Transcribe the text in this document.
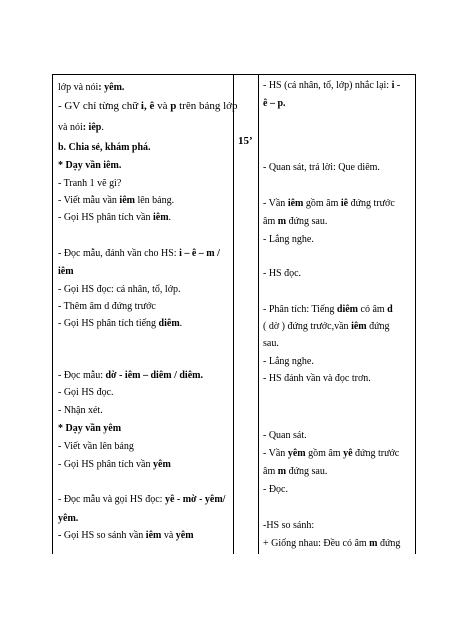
lớp và nói: yêm.
- GV chỉ từng chữ i, ê và p trên bảng lớp
và nói: iêp.
b. Chia sẻ, khám phá.
* Dạy vần iêm.
- Tranh 1 vẽ gì?
- Viết mẫu vần iêm lên bảng.
- Gọi HS phân tích vần iêm.
- Đọc mẫu, đánh vần cho HS: i – ê – m /
iêm
- Gọi HS đọc: cá nhân, tổ, lớp.
- Thêm âm d đứng trước
- Gọi HS phân tích tiếng diêm.
- Đọc mẫu: dờ - iêm – diêm / diêm.
- Gọi HS đọc.
- Nhận xét.
* Dạy vần yêm
- Viết vần lên bảng
- Gọi HS phân tích vần yêm
- Đọc mẫu và gọi HS đọc: yê - mờ - yêm/
yêm.
- Gọi HS so sánh vần iêm và yêm
15’
- HS (cá nhân, tổ, lớp) nhắc lại: i -
ê – p.
- Quan sát, trả lời: Que diêm.
- Vần iêm gồm âm iê đứng trước
âm m đứng sau.
- Lắng nghe.
- HS đọc.
- Phân tích: Tiếng diêm có âm d
( dờ ) đứng trước,vần iêm đứng
sau.
- Lắng nghe.
- HS đánh vần và đọc trơn.
- Quan sát.
- Vần yêm gồm âm yê đứng trước
âm m đứng sau.
- Đọc.
-HS so sánh:
+ Giống nhau: Đều có âm m đứng
